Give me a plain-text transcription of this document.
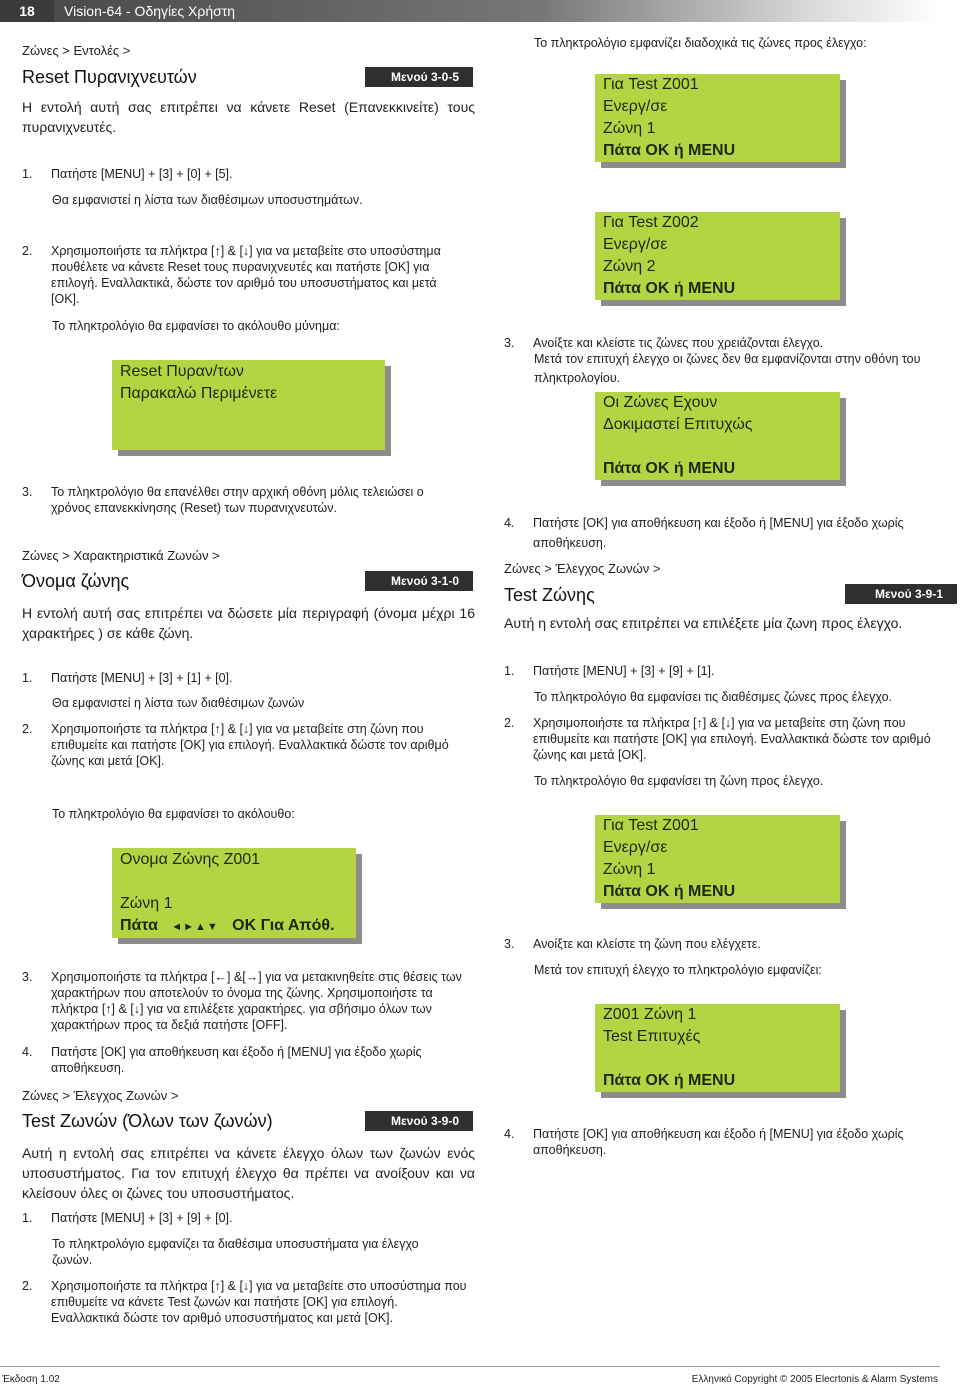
18	Vision-64 - Οδηγίες Χρήστη
Ζώνες > Εντολές >
Reset Πυρανιχνευτών	Μενού 3-0-5
Η εντολή αυτή σας επιτρέπει να κάνετε Reset (Επανεκκινείτε) τους πυρανιχνευτές.
1. Πατήστε [MENU] + [3] + [0] + [5].
Θα εμφανιστεί η λίστα των διαθέσιμων υποσυστημάτων.
2. Χρησιμοποιήστε τα πλήκτρα [↑] & [↓] για να μεταβείτε στο υποσύστημα πουθέλετε να κάνετε Reset τους πυρανιχνευτές και πατήστε [OK] για επιλογή. Εναλλακτικά, δώστε τον αριθμό του υποσυστήματος και μετά [OK].
Το πληκτρολόγιο θα εμφανίσει το ακόλουθο μύνημα:
Reset Πυραν/των
Παρακαλώ Περιμένετε
3. Το πληκτρολόγιο θα επανέλθει στην αρχική οθόνη μόλις τελειώσει ο χρόνος επανεκκίνησης (Reset) των πυρανιχνευτών.
Ζώνες > Χαρακτηριστικά Ζωνών >
Όνομα ζώνης	Μενού 3-1-0
Η εντολή αυτή σας επιτρέπει να δώσετε μία περιγραφή (όνομα μέχρι 16 χαρακτήρες ) σε κάθε ζώνη.
1. Πατήστε [MENU] + [3] + [1] + [0].
Θα εμφανιστεί η λίστα των διαθέσιμων ζωνών
2. Χρησιμοποιήστε τα πλήκτρα [↑] & [↓] για να μεταβείτε στη ζώνη που επιθυμείτε και πατήστε [OK] για επιλογή. Εναλλακτικά δώστε τον αριθμό ζώνης και μετά [OK].
Το πληκτρολόγιο θα εμφανίσει το ακόλουθο:
Ονομα Ζώνης Z001
Ζώνη 1
Πάτα ◄►▲▼ OK Για Απόθ.
3. Χρησιμοποιήστε τα πλήκτρα [←] &[→] για να μετακινηθείτε στις θέσεις των χαρακτήρων που αποτελούν το όνομα της ζώνης. Χρησιμοποιήστε τα πλήκτρα [↑] & [↓] για να επιλέξετε χαρακτήρες. για σβήσιμο όλων των χαρακτήρων προς τα δεξιά πατήστε [OFF].
4. Πατήστε [OK] για αποθήκευση και έξοδο ή [MENU] για έξοδο χωρίς αποθήκευση.
Ζώνες > Έλεγχος Ζωνών >
Test Ζωνών (Όλων των ζωνών)	Μενού 3-9-0
Αυτή η εντολή σας επιτρέπει να κάνετε έλεγχο όλων των ζωνών ενός υποσυστήματος. Για τον επιτυχή έλεγχο θα πρέπει να ανοίξουν και να κλείσουν όλες οι ζώνες του υποσυστήματος.
1. Πατήστε [MENU] + [3] + [9] + [0].
Το πληκτρολόγιο εμφανίζει τα διαθέσιμα υποσυστήματα για έλεγχο ζωνών.
2. Χρησιμοποιήστε τα πλήκτρα [↑] & [↓] για να μεταβείτε στο υποσύστημα που επιθυμείτε να κάνετε Test ζωνών και πατήστε [OK] για επιλογή. Εναλλακτικά δώστε τον αριθμό υποσυστήματος και μετά [OK].
Το πληκτρολόγιο εμφανίζει διαδοχικά τις ζώνες προς έλεγχο:
Για Test Z001
Ενεργ/σε
Ζώνη 1
Πάτα OK ή MENU
Για Test Z002
Ενεργ/σε
Ζώνη 2
Πάτα OK ή MENU
3. Ανοίξτε και κλείστε τις ζώνες που χρειάζονται έλεγχο.
Μετά τον επιτυχή έλεγχο οι ζώνες δεν θα εμφανίζονται στην οθόνη του πληκτρολογίου.
Οι Ζώνες Εχουν
Δοκιμαστεί Επιτυχώς
Πάτα OK ή MENU
4. Πατήστε [OK] για αποθήκευση και έξοδο ή [MENU] για έξοδο χωρίς αποθήκευση.
Ζώνες > Έλεγχος Ζωνών >
Test Ζώνης	Μενού 3-9-1
Αυτή η εντολή σας επιτρέπει να επιλέξετε μία ζωνη προς έλεγχο.
1. Πατήστε [MENU] + [3] + [9] + [1].
Το πληκτρολόγιο θα εμφανίσει τις διαθέσιμες ζώνες προς έλεγχο.
2. Χρησιμοποιήστε τα πλήκτρα [↑] & [↓] για να μεταβείτε στη ζώνη που επιθυμείτε και πατήστε [OK] για επιλογή. Εναλλακτικά δώστε τον αριθμό ζώνης και μετά [OK].
Το πληκτρολόγιο θα εμφανίσει τη ζώνη προς έλεγχο.
Για Test Z001
Ενεργ/σε
Ζώνη 1
Πάτα OK ή MENU
3. Ανοίξτε και κλείστε τη ζώνη που ελέγχετε.
Μετά τον επιτυχή έλεγχο το πληκτρολόγιο εμφανίζει:
Z001 Ζώνη 1
Test Επιτυχές
Πάτα OK ή MENU
4. Πατήστε [OK] για αποθήκευση και έξοδο ή [MENU] για έξοδο χωρίς αποθήκευση.
Έκδοση 1.02	Ελληνικό Copyright © 2005 Elecrtonis & Alarm Systems
